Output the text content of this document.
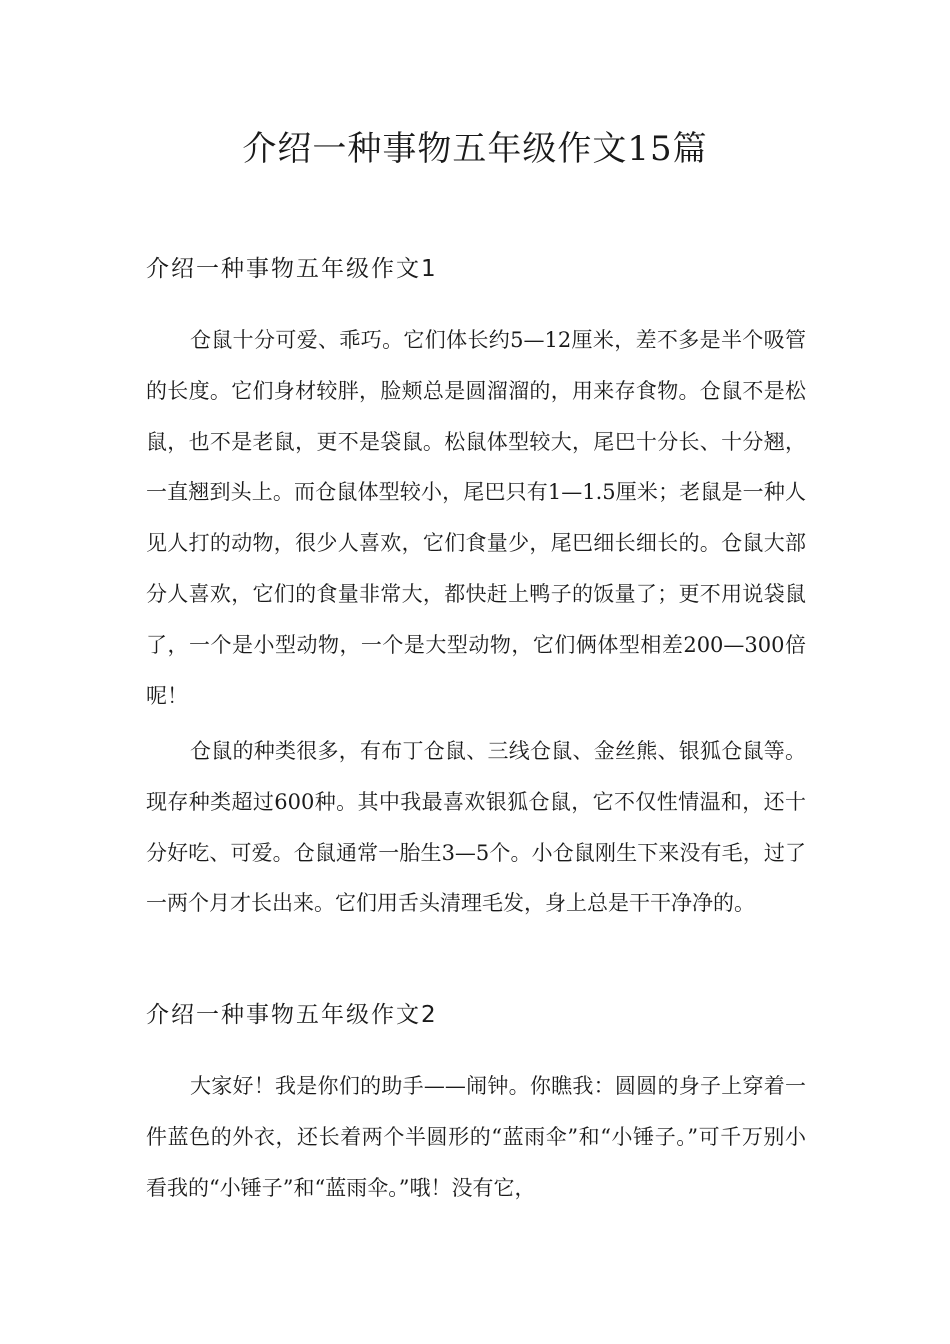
介绍一种事物五年级作文15篇
介绍一种事物五年级作文1

仓鼠十分可爱、乖巧。它们体长约5—12厘米，差不多是半个吸管的长度。它们身材较胖，脸颊总是圆溜溜的，用来存食物。仓鼠不是松鼠，也不是老鼠，更不是袋鼠。松鼠体型较大，尾巴十分长、十分翘，一直翘到头上。而仓鼠体型较小，尾巴只有1—1.5厘米；老鼠是一种人见人打的动物，很少人喜欢，它们食量少，尾巴细长细长的。仓鼠大部分人喜欢，它们的食量非常大，都快赶上鸭子的饭量了；更不用说袋鼠了，一个是小型动物，一个是大型动物，它们俩体型相差200—300倍呢！

仓鼠的种类很多，有布丁仓鼠、三线仓鼠、金丝熊、银狐仓鼠等。现存种类超过600种。其中我最喜欢银狐仓鼠，它不仅性情温和，还十分好吃、可爱。仓鼠通常一胎生3—5个。小仓鼠刚生下来没有毛，过了一两个月才长出来。它们用舌头清理毛发，身上总是干干净净的。

介绍一种事物五年级作文2

大家好！我是你们的助手——闹钟。你瞧我：圆圆的身子上穿着一件蓝色的外衣，还长着两个半圆形的“蓝雨伞”和“小锤子。”可千万别小看我的“小锤子”和“蓝雨伞。”哦！没有它，
